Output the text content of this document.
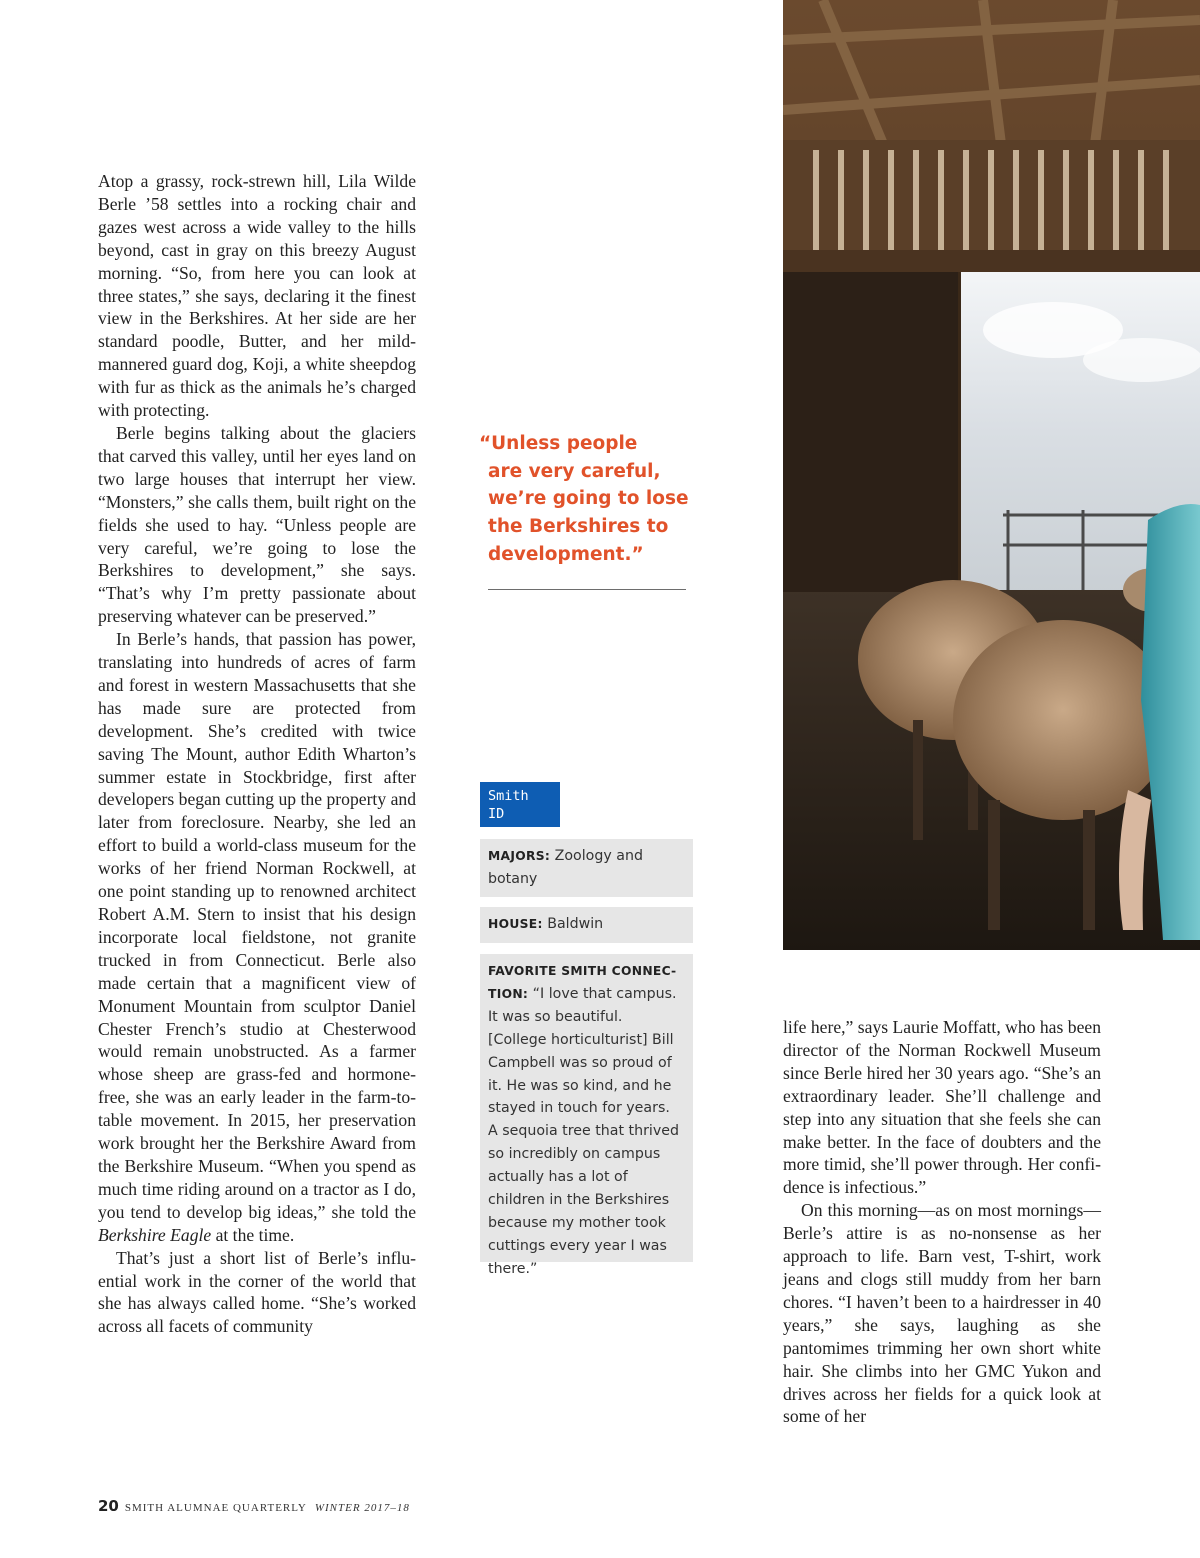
Atop a grassy, rock-strewn hill, Lila Wilde Berle ’58 settles into a rocking chair and gazes west across a wide valley to the hills beyond, cast in gray on this breezy August morning. “So, from here you can look at three states,” she says, declaring it the finest view in the Berkshires. At her side are her standard poodle, Butter, and her mild-mannered guard dog, Koji, a white sheepdog with fur as thick as the animals he’s charged with protecting.

Berle begins talking about the glaciers that carved this valley, until her eyes land on two large houses that interrupt her view. “Monsters,” she calls them, built right on the fields she used to hay. “Unless people are very careful, we’re going to lose the Berkshires to development,” she says. “That’s why I’m pretty passionate about preserving whatever can be preserved.”

In Berle’s hands, that passion has power, translating into hundreds of acres of farm and forest in western Massachusetts that she has made sure are protected from development. She’s credited with twice saving The Mount, author Edith Wharton’s summer estate in Stockbridge, first after developers began cutting up the property and later from foreclosure. Nearby, she led an effort to build a world-class museum for the works of her friend Norman Rockwell, at one point standing up to renowned architect Robert A.M. Stern to insist that his design incorporate local fieldstone, not granite trucked in from Connecticut. Berle also made certain that a magnificent view of Monument Mountain from sculptor Daniel Chester French’s studio at Chesterwood would remain unobstructed. As a farmer whose sheep are grass-fed and hormone-free, she was an early leader in the farm-to-table movement. In 2015, her preservation work brought her the Berkshire Award from the Berkshire Museum. “When you spend as much time riding around on a tractor as I do, you tend to develop big ideas,” she told the Berkshire Eagle at the time.

That’s just a short list of Berle’s influential work in the corner of the world that she has always called home. “She’s worked across all facets of community

“Unless people
are very careful,
we’re going to lose
the Berkshires to
development.”
Smith
ID
MAJORS: Zoology and botany
HOUSE: Baldwin
FAVORITE SMITH CONNECTION: “I love that campus. It was so beautiful. [College horticulturist] Bill Campbell was so proud of it. He was so kind, and he stayed in touch for years. A sequoia tree that thrived so incredibly on campus actually has a lot of children in the Berkshires because my mother took cuttings every year I was there.”

life here,” says Laurie Moffatt, who has been director of the Norman Rockwell Museum since Berle hired her 30 years ago. “She’s an extraordinary leader. She’ll challenge and step into any situation that she feels she can make better. In the face of doubters and the more timid, she’ll power through. Her confidence is infectious.”

On this morning—as on most mornings—Berle’s attire is as no-nonsense as her approach to life. Barn vest, T-shirt, work jeans and clogs still muddy from her barn chores. “I haven’t been to a hairdresser in 40 years,” she says, laughing as she pantomimes trimming her own short white hair. She climbs into her GMC Yukon and drives across her fields for a quick look at some of her

20 SMITH ALUMNAE QUARTERLY WINTER 2017–18
